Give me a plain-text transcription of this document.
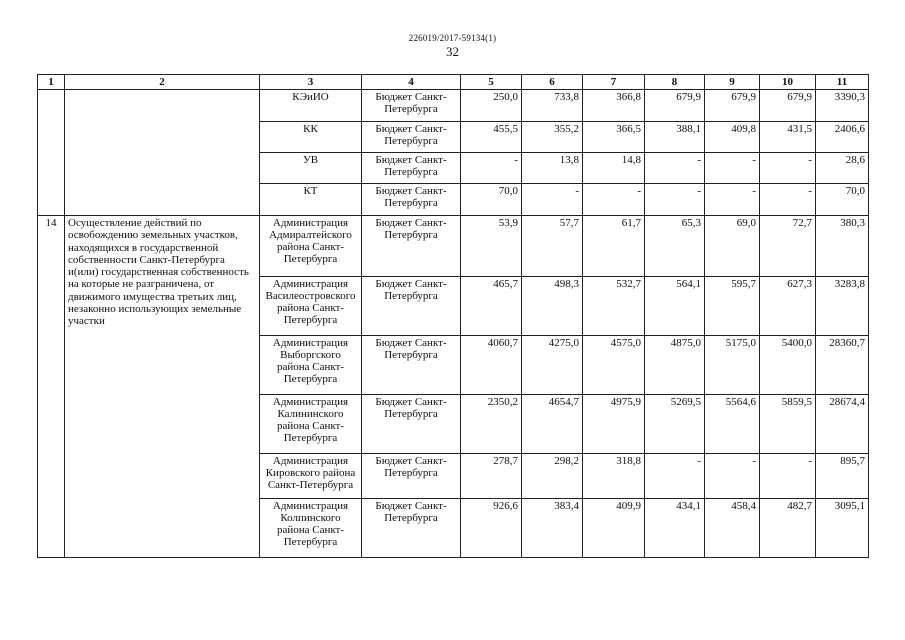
226019/2017-59134(1)
32
1	2	3	4	5	6	7	8	9	10	11
		КЭиИО	Бюджет Санкт-Петербурга	250,0	733,8	366,8	679,9	679,9	679,9	3390,3
		КК	Бюджет Санкт-Петербурга	455,5	355,2	366,5	388,1	409,8	431,5	2406,6
		УВ	Бюджет Санкт-Петербурга	-	13,8	14,8	-	-	-	28,6
		КТ	Бюджет Санкт-Петербурга	70,0	-	-	-	-	-	70,0
14	Осуществление действий по освобождению земельных участков, находящихся в государственной собственности Санкт-Петербурга и(или) государственная собственность на которые не разграничена, от движимого имущества третьих лиц, незаконно использующих земельные участки	Администрация Адмиралтейского района Санкт-Петербурга	Бюджет Санкт-Петербурга	53,9	57,7	61,7	65,3	69,0	72,7	380,3
		Администрация Василеостровского района Санкт-Петербурга	Бюджет Санкт-Петербурга	465,7	498,3	532,7	564,1	595,7	627,3	3283,8
		Администрация Выборгского района Санкт-Петербурга	Бюджет Санкт-Петербурга	4060,7	4275,0	4575,0	4875,0	5175,0	5400,0	28360,7
		Администрация Калининского района Санкт-Петербурга	Бюджет Санкт-Петербурга	2350,2	4654,7	4975,9	5269,5	5564,6	5859,5	28674,4
		Администрация Кировского района Санкт-Петербурга	Бюджет Санкт-Петербурга	278,7	298,2	318,8	-	-	-	895,7
		Администрация Колпинского района Санкт-Петербурга	Бюджет Санкт-Петербурга	926,6	383,4	409,9	434,1	458,4	482,7	3095,1
